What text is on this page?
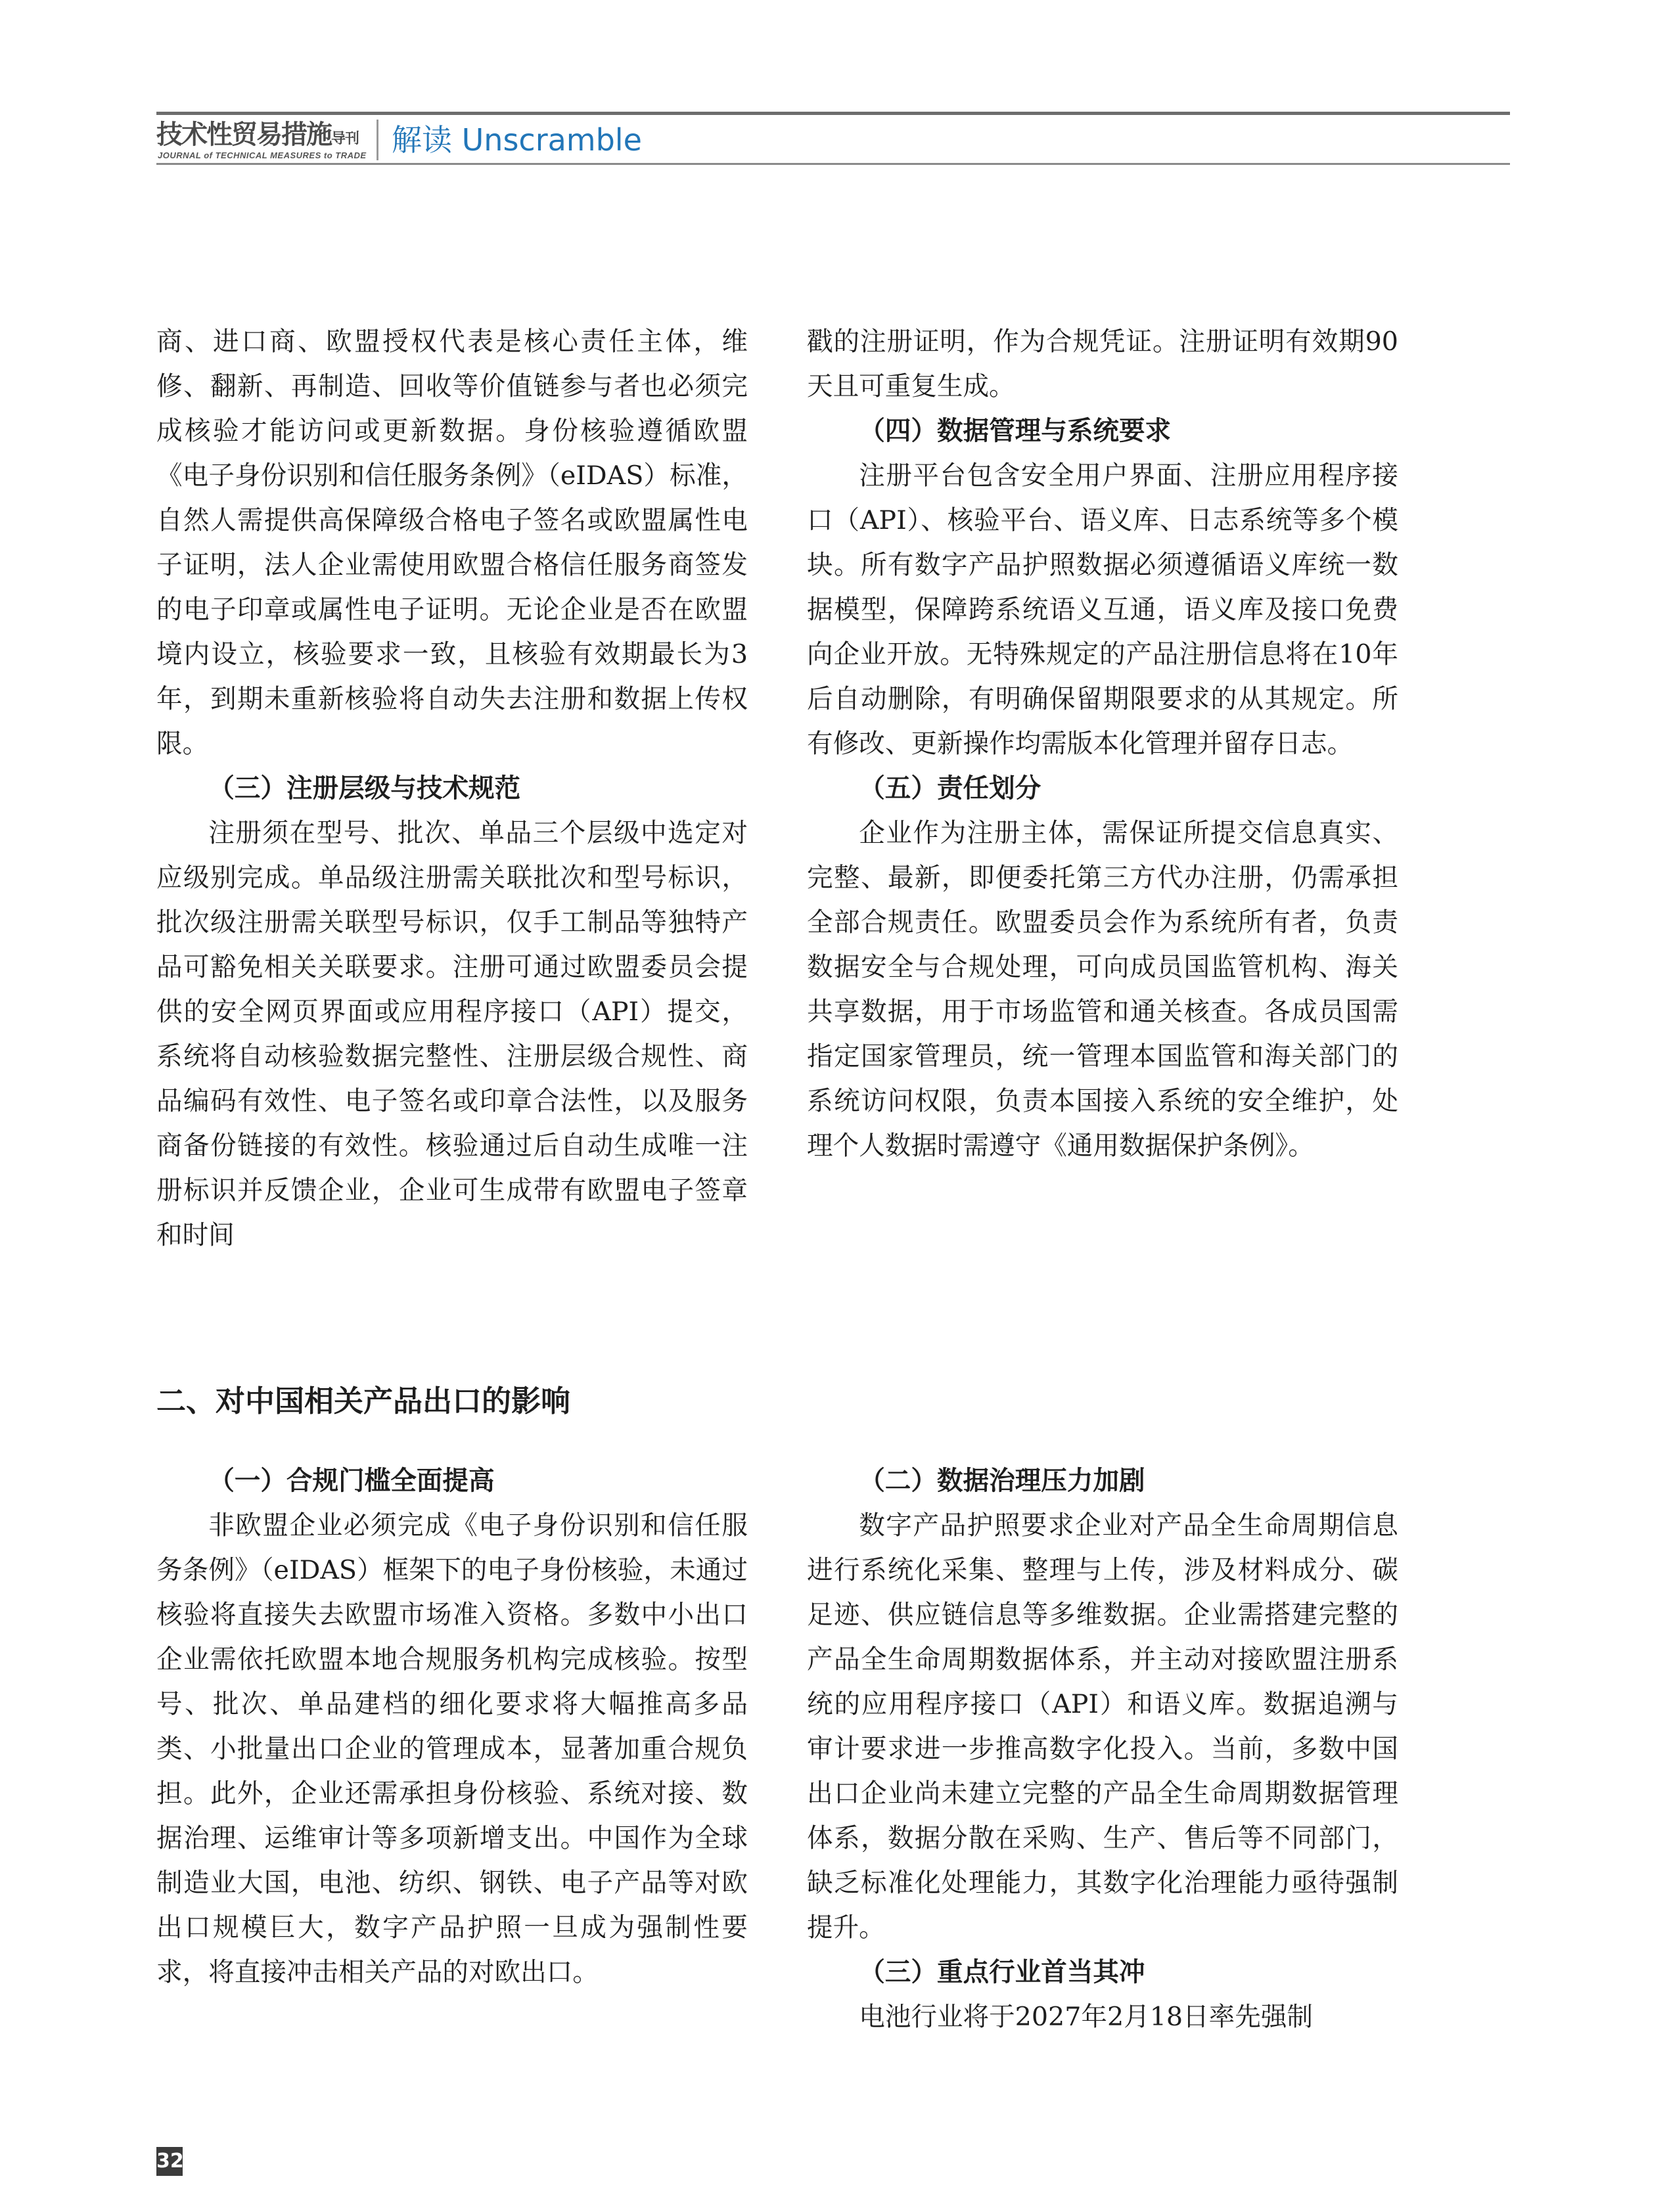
技术性贸易措施导刊
JOURNAL of TECHNICAL MEASURES to TRADE 解读 Unscramble

商、进口商、欧盟授权代表是核心责任主体，维修、翻新、再制造、回收等价值链参与者也必须完成核验才能访问或更新数据。身份核验遵循欧盟《电子身份识别和信任服务条例》（eIDAS）标准，自然人需提供高保障级合格电子签名或欧盟属性电子证明，法人企业需使用欧盟合格信任服务商签发的电子印章或属性电子证明。无论企业是否在欧盟境内设立，核验要求一致，且核验有效期最长为3年，到期未重新核验将自动失去注册和数据上传权限。

（三）注册层级与技术规范

注册须在型号、批次、单品三个层级中选定对应级别完成。单品级注册需关联批次和型号标识，批次级注册需关联型号标识，仅手工制品等独特产品可豁免相关关联要求。注册可通过欧盟委员会提供的安全网页界面或应用程序接口（API）提交，系统将自动核验数据完整性、注册层级合规性、商品编码有效性、电子签名或印章合法性，以及服务商备份链接的有效性。核验通过后自动生成唯一注册标识并反馈企业，企业可生成带有欧盟电子签章和时间

戳的注册证明，作为合规凭证。注册证明有效期90天且可重复生成。

（四）数据管理与系统要求

注册平台包含安全用户界面、注册应用程序接口（API）、核验平台、语义库、日志系统等多个模块。所有数字产品护照数据必须遵循语义库统一数据模型，保障跨系统语义互通，语义库及接口免费向企业开放。无特殊规定的产品注册信息将在10年后自动删除，有明确保留期限要求的从其规定。所有修改、更新操作均需版本化管理并留存日志。

（五）责任划分

企业作为注册主体，需保证所提交信息真实、完整、最新，即便委托第三方代办注册，仍需承担全部合规责任。欧盟委员会作为系统所有者，负责数据安全与合规处理，可向成员国监管机构、海关共享数据，用于市场监管和通关核查。各成员国需指定国家管理员，统一管理本国监管和海关部门的系统访问权限，负责本国接入系统的安全维护，处理个人数据时需遵守《通用数据保护条例》。

二、对中国相关产品出口的影响

（一）合规门槛全面提高

非欧盟企业必须完成《电子身份识别和信任服务条例》（eIDAS）框架下的电子身份核验，未通过核验将直接失去欧盟市场准入资格。多数中小出口企业需依托欧盟本地合规服务机构完成核验。按型号、批次、单品建档的细化要求将大幅推高多品类、小批量出口企业的管理成本，显著加重合规负担。此外，企业还需承担身份核验、系统对接、数据治理、运维审计等多项新增支出。中国作为全球制造业大国，电池、纺织、钢铁、电子产品等对欧出口规模巨大，数字产品护照一旦成为强制性要求，将直接冲击相关产品的对欧出口。

（二）数据治理压力加剧

数字产品护照要求企业对产品全生命周期信息进行系统化采集、整理与上传，涉及材料成分、碳足迹、供应链信息等多维数据。企业需搭建完整的产品全生命周期数据体系，并主动对接欧盟注册系统的应用程序接口（API）和语义库。数据追溯与审计要求进一步推高数字化投入。当前，多数中国出口企业尚未建立完整的产品全生命周期数据管理体系，数据分散在采购、生产、售后等不同部门，缺乏标准化处理能力，其数字化治理能力亟待强制提升。

（三）重点行业首当其冲

电池行业将于2027年2月18日率先强制

32
